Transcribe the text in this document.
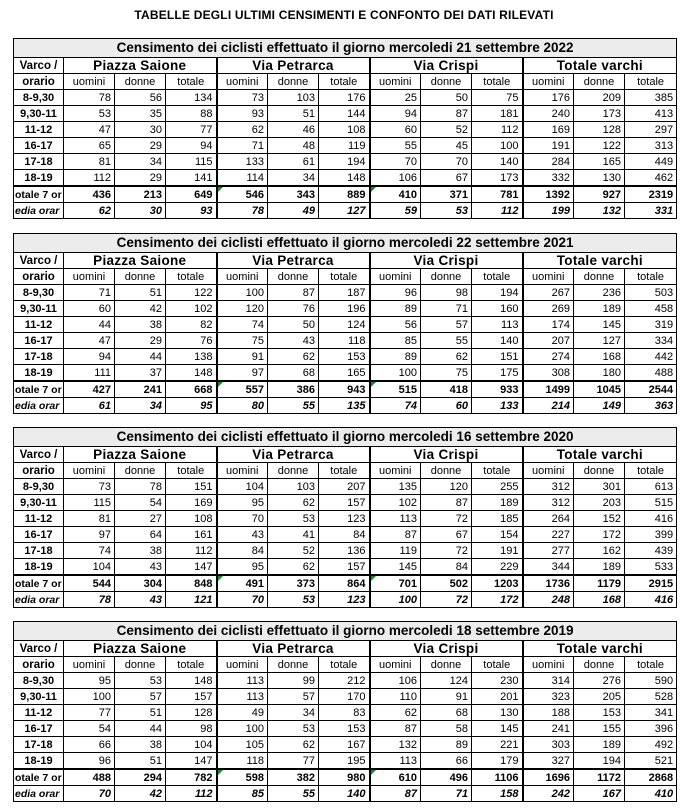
TABELLE DEGLI ULTIMI CENSIMENTI E CONFONTO DEI DATI RILEVATI
Censimento dei ciclisti effettuato il giorno mercoledi 21 settembre 2022												
Varco /	Piazza Saione			Via Petrarca			Via Crispi			Totale varchi		
orario	uomini	donne	totale	uomini	donne	totale	uomini	donne	totale	uomini	donne	totale
8-9,30	78	56	134	73	103	176	25	50	75	176	209	385
9,30-11	53	35	88	93	51	144	94	87	181	240	173	413
11-12	47	30	77	62	46	108	60	52	112	169	128	297
16-17	65	29	94	71	48	119	55	45	100	191	122	313
17-18	81	34	115	133	61	194	70	70	140	284	165	449
18-19	112	29	141	114	34	148	106	67	173	332	130	462
otale 7 or	436	213	649	546	343	889	410	371	781	1392	927	2319
edia orar	62	30	93	78	49	127	59	53	112	199	132	331
Censimento dei ciclisti effettuato il giorno mercoledi 22 settembre 2021												
Varco /	Piazza Saione			Via Petrarca			Via Crispi			Totale varchi		
orario	uomini	donne	totale	uomini	donne	totale	uomini	donne	totale	uomini	donne	totale
8-9,30	71	51	122	100	87	187	96	98	194	267	236	503
9,30-11	60	42	102	120	76	196	89	71	160	269	189	458
11-12	44	38	82	74	50	124	56	57	113	174	145	319
16-17	47	29	76	75	43	118	85	55	140	207	127	334
17-18	94	44	138	91	62	153	89	62	151	274	168	442
18-19	111	37	148	97	68	165	100	75	175	308	180	488
otale 7 or	427	241	668	557	386	943	515	418	933	1499	1045	2544
edia orar	61	34	95	80	55	135	74	60	133	214	149	363
Censimento dei ciclisti effettuato il giorno mercoledi 16 settembre 2020												
Varco /	Piazza Saione			Via Petrarca			Via Crispi			Totale varchi		
orario	uomini	donne	totale	uomini	donne	totale	uomini	donne	totale	uomini	donne	totale
8-9,30	73	78	151	104	103	207	135	120	255	312	301	613
9,30-11	115	54	169	95	62	157	102	87	189	312	203	515
11-12	81	27	108	70	53	123	113	72	185	264	152	416
16-17	97	64	161	43	41	84	87	67	154	227	172	399
17-18	74	38	112	84	52	136	119	72	191	277	162	439
18-19	104	43	147	95	62	157	145	84	229	344	189	533
otale 7 or	544	304	848	491	373	864	701	502	1203	1736	1179	2915
edia orar	78	43	121	70	53	123	100	72	172	248	168	416
Censimento dei ciclisti effettuato il giorno mercoledi 18 settembre 2019												
Varco /	Piazza Saione			Via Petrarca			Via Crispi			Totale varchi		
orario	uomini	donne	totale	uomini	donne	totale	uomini	donne	totale	uomini	donne	totale
8-9,30	95	53	148	113	99	212	106	124	230	314	276	590
9,30-11	100	57	157	113	57	170	110	91	201	323	205	528
11-12	77	51	128	49	34	83	62	68	130	188	153	341
16-17	54	44	98	100	53	153	87	58	145	241	155	396
17-18	66	38	104	105	62	167	132	89	221	303	189	492
18-19	96	51	147	118	77	195	113	66	179	327	194	521
otale 7 or	488	294	782	598	382	980	610	496	1106	1696	1172	2868
edia orar	70	42	112	85	55	140	87	71	158	242	167	410
